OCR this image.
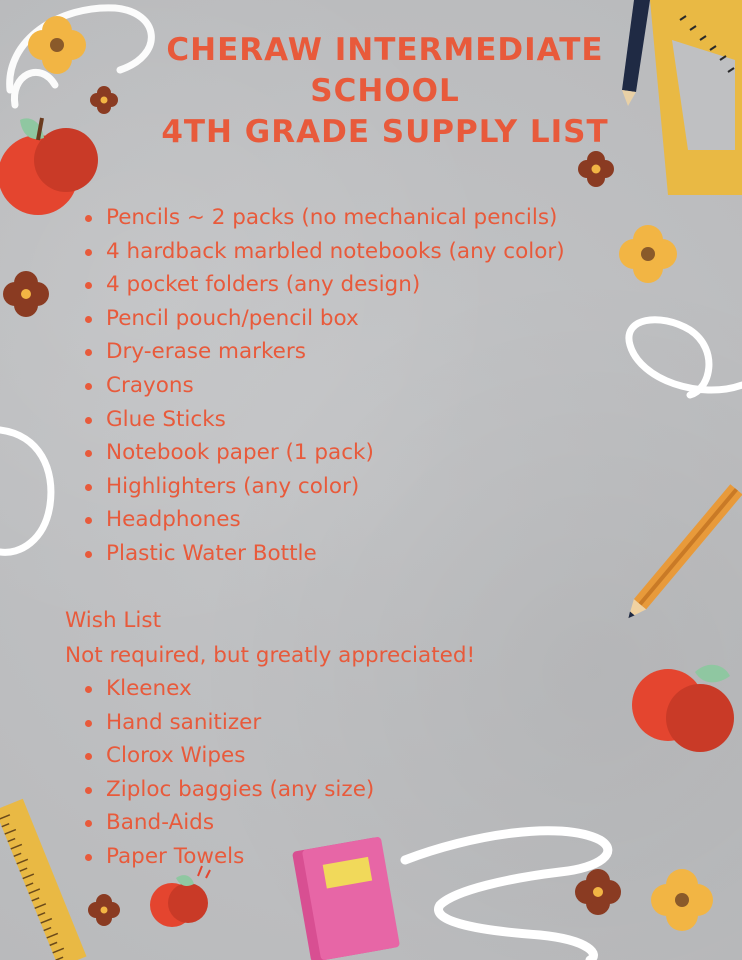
CHERAW INTERMEDIATE
SCHOOL
4TH GRADE SUPPLY LIST
Pencils ~ 2 packs (no mechanical pencils)
4 hardback marbled notebooks (any color)
4 pocket folders (any design)
Pencil pouch/pencil box
Dry-erase markers
Crayons
Glue Sticks
Notebook paper (1 pack)
Highlighters (any color)
Headphones
Plastic Water Bottle

Wish List

Not required, but greatly appreciated!

Kleenex
Hand sanitizer
Clorox Wipes
Ziploc baggies (any size)
Band-Aids
Paper Towels
